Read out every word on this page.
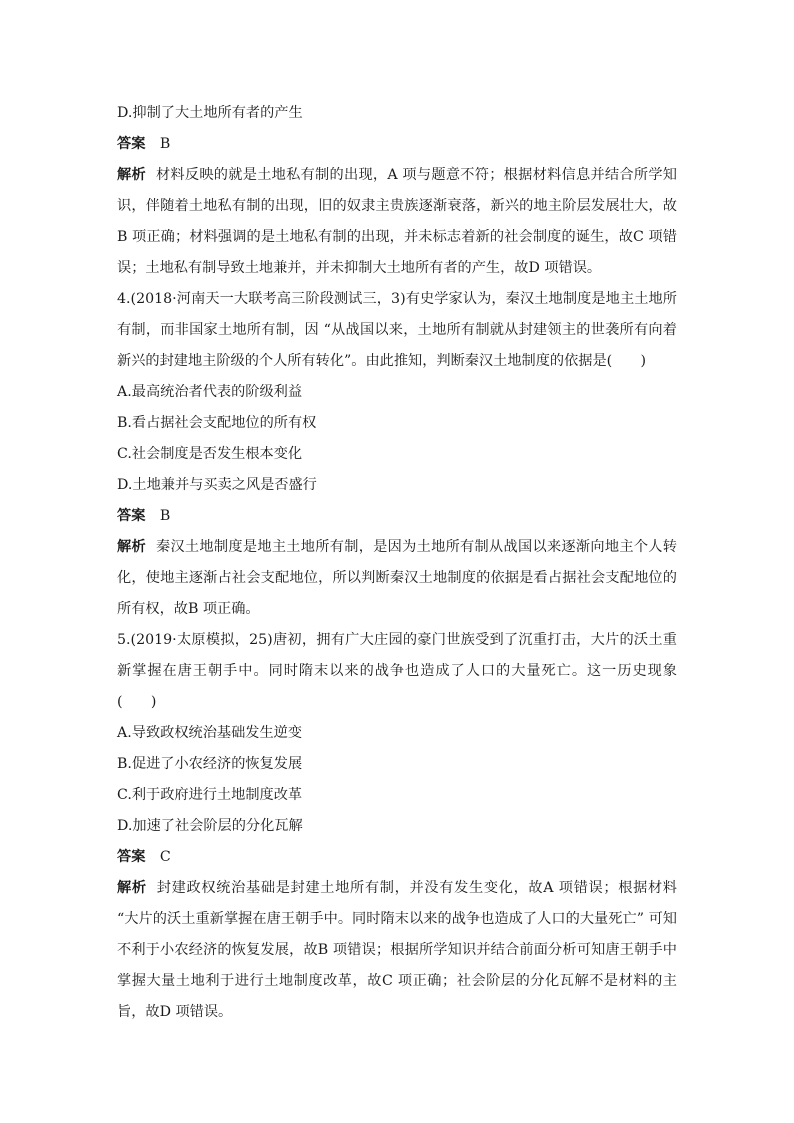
D.抑制了大土地所有者的产生
答案 B
解析 材料反映的就是土地私有制的出现，A 项与题意不符；根据材料信息并结合所学知识，伴随着土地私有制的出现，旧的奴隶主贵族逐渐衰落，新兴的地主阶层发展壮大，故B 项正确；材料强调的是土地私有制的出现，并未标志着新的社会制度的诞生，故C 项错误；土地私有制导致土地兼并，并未抑制大土地所有者的产生，故D 项错误。
4.(2018·河南天一大联考高三阶段测试三，3)有史学家认为，秦汉土地制度是地主土地所有制，而非国家土地所有制，因 “从战国以来，土地所有制就从封建领主的世袭所有向着新兴的封建地主阶级的个人所有转化”。由此推知，判断秦汉土地制度的依据是(　　)
A.最高统治者代表的阶级利益
B.看占据社会支配地位的所有权
C.社会制度是否发生根本变化
D.土地兼并与买卖之风是否盛行
答案 B
解析 秦汉土地制度是地主土地所有制，是因为土地所有制从战国以来逐渐向地主个人转化，使地主逐渐占社会支配地位，所以判断秦汉土地制度的依据是看占据社会支配地位的所有权，故B 项正确。
5.(2019·太原模拟，25)唐初，拥有广大庄园的豪门世族受到了沉重打击，大片的沃土重新掌握在唐王朝手中。同时隋末以来的战争也造成了人口的大量死亡。这一历史现象(　　)
A.导致政权统治基础发生逆变
B.促进了小农经济的恢复发展
C.利于政府进行土地制度改革
D.加速了社会阶层的分化瓦解
答案 C
解析 封建政权统治基础是封建土地所有制，并没有发生变化，故A 项错误；根据材料 “大片的沃土重新掌握在唐王朝手中。同时隋末以来的战争也造成了人口的大量死亡” 可知不利于小农经济的恢复发展，故B 项错误；根据所学知识并结合前面分析可知唐王朝手中掌握大量土地利于进行土地制度改革，故C 项正确；社会阶层的分化瓦解不是材料的主旨，故D 项错误。
